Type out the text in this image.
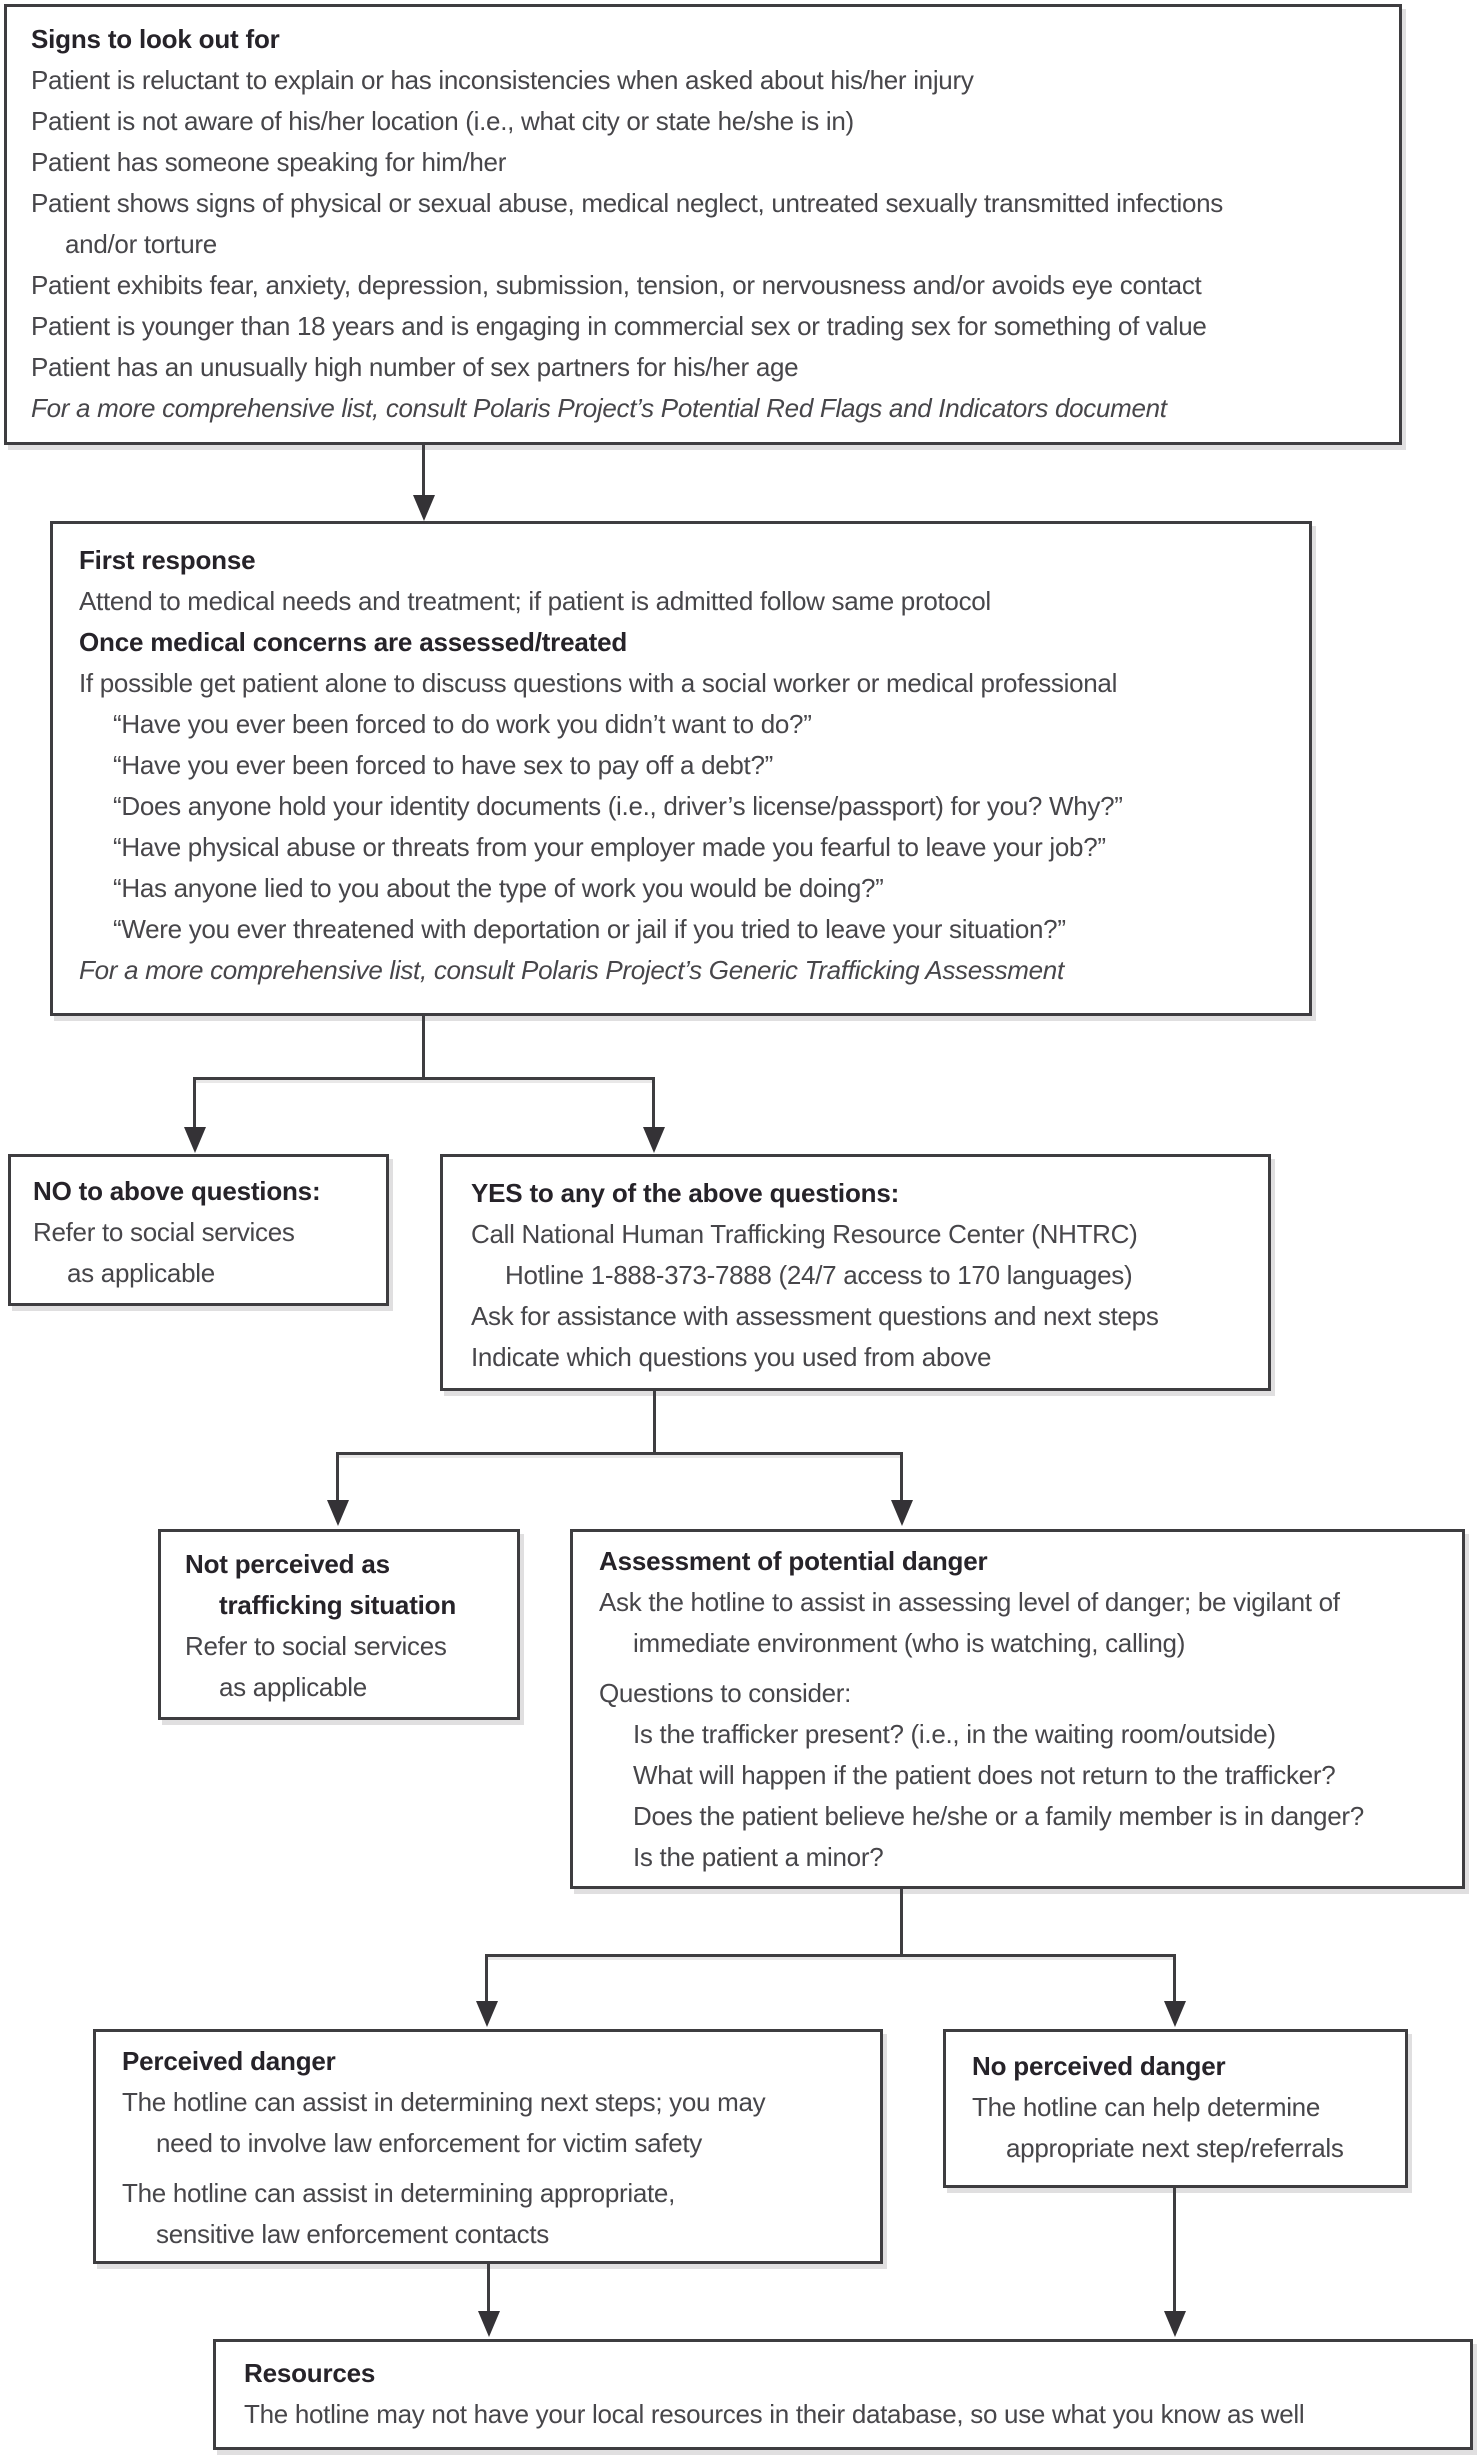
Signs to look out for
Patient is reluctant to explain or has inconsistencies when asked about his/her injury
Patient is not aware of his/her location (i.e., what city or state he/she is in)
Patient has someone speaking for him/her
Patient shows signs of physical or sexual abuse, medical neglect, untreated sexually transmitted infections
and/or torture
Patient exhibits fear, anxiety, depression, submission, tension, or nervousness and/or avoids eye contact
Patient is younger than 18 years and is engaging in commercial sex or trading sex for something of value
Patient has an unusually high number of sex partners for his/her age
For a more comprehensive list, consult Polaris Project’s Potential Red Flags and Indicators document
First response
Attend to medical needs and treatment; if patient is admitted follow same protocol
Once medical concerns are assessed/treated
If possible get patient alone to discuss questions with a social worker or medical professional
“Have you ever been forced to do work you didn’t want to do?”
“Have you ever been forced to have sex to pay off a debt?”
“Does anyone hold your identity documents (i.e., driver’s license/passport) for you? Why?”
“Have physical abuse or threats from your employer made you fearful to leave your job?”
“Has anyone lied to you about the type of work you would be doing?”
“Were you ever threatened with deportation or jail if you tried to leave your situation?”
For a more comprehensive list, consult Polaris Project’s Generic Trafficking Assessment
NO to above questions:
Refer to social services
as applicable
YES to any of the above questions:
Call National Human Trafficking Resource Center (NHTRC)
Hotline 1-888-373-7888 (24/7 access to 170 languages)
Ask for assistance with assessment questions and next steps
Indicate which questions you used from above
Not perceived as
trafficking situation
Refer to social services
as applicable
Assessment of potential danger
Ask the hotline to assist in assessing level of danger; be vigilant of
immediate environment (who is watching, calling)
Questions to consider:
Is the trafficker present? (i.e., in the waiting room/outside)
What will happen if the patient does not return to the trafficker?
Does the patient believe he/she or a family member is in danger?
Is the patient a minor?
Perceived danger
The hotline can assist in determining next steps; you may
need to involve law enforcement for victim safety
The hotline can assist in determining appropriate,
sensitive law enforcement contacts
No perceived danger
The hotline can help determine
appropriate next step/referrals
Resources
The hotline may not have your local resources in their database, so use what you know as well
